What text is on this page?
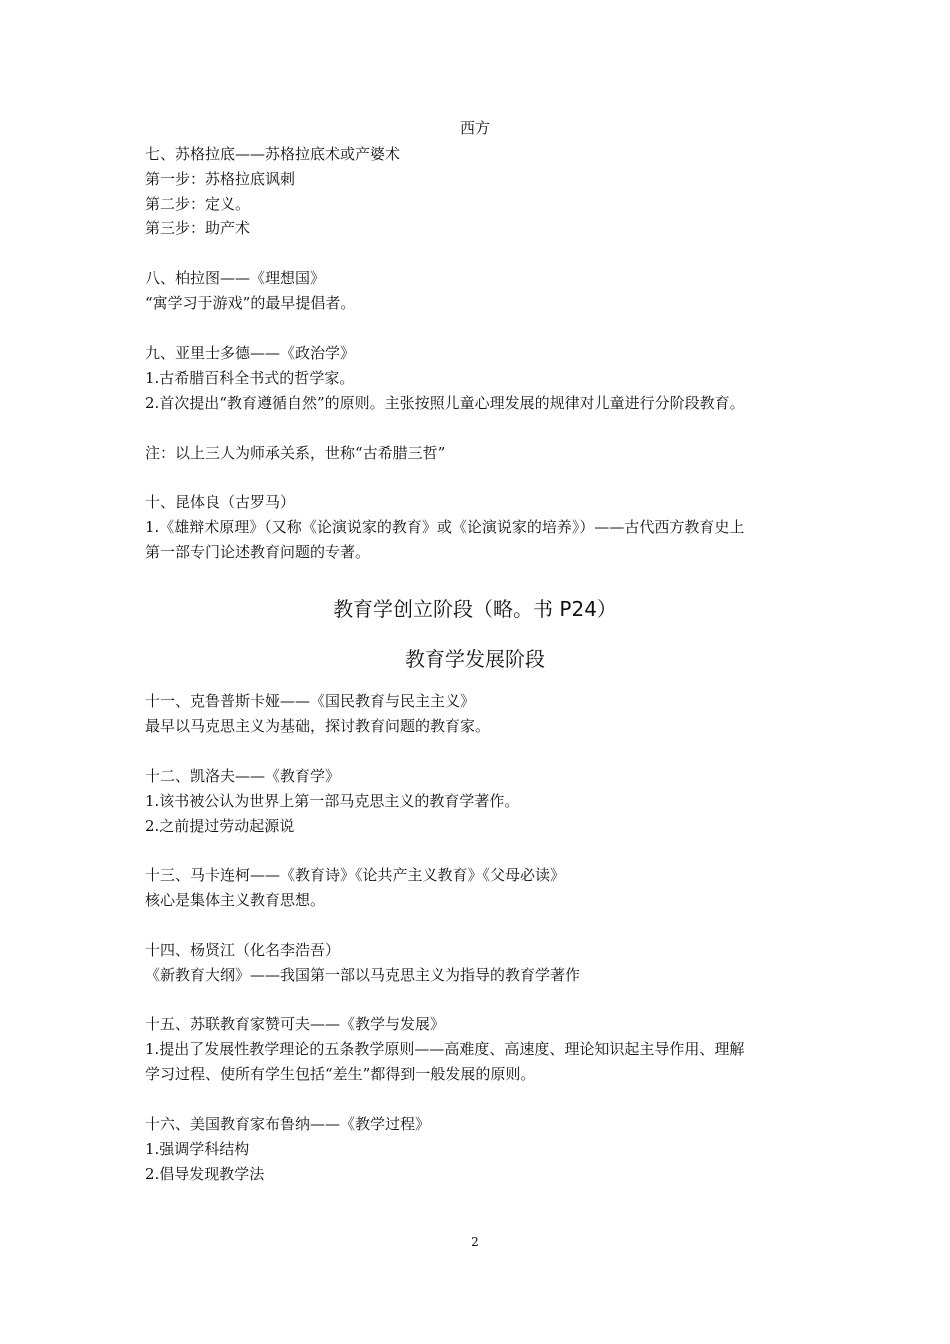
西方
七、苏格拉底——苏格拉底术或产婆术
第一步：苏格拉底讽刺
第二步：定义。
第三步：助产术
八、柏拉图——《理想国》
“寓学习于游戏”的最早提倡者。
九、亚里士多德——《政治学》
1.古希腊百科全书式的哲学家。
2.首次提出“教育遵循自然”的原则。主张按照儿童心理发展的规律对儿童进行分阶段教育。
注：以上三人为师承关系，世称“古希腊三哲”
十、昆体良（古罗马）
1.《雄辩术原理》（又称《论演说家的教育》或《论演说家的培养》）——古代西方教育史上
第一部专门论述教育问题的专著。
教育学创立阶段（略。书 P24）
教育学发展阶段
十一、克鲁普斯卡娅——《国民教育与民主主义》
最早以马克思主义为基础，探讨教育问题的教育家。
十二、凯洛夫——《教育学》
1.该书被公认为世界上第一部马克思主义的教育学著作。
2.之前提过劳动起源说
十三、马卡连柯——《教育诗》《论共产主义教育》《父母必读》
核心是集体主义教育思想。
十四、杨贤江（化名李浩吾）
《新教育大纲》——我国第一部以马克思主义为指导的教育学著作
十五、苏联教育家赞可夫——《教学与发展》
1.提出了发展性教学理论的五条教学原则——高难度、高速度、理论知识起主导作用、理解
学习过程、使所有学生包括“差生”都得到一般发展的原则。
十六、美国教育家布鲁纳——《教学过程》
1.强调学科结构
2.倡导发现教学法
2
